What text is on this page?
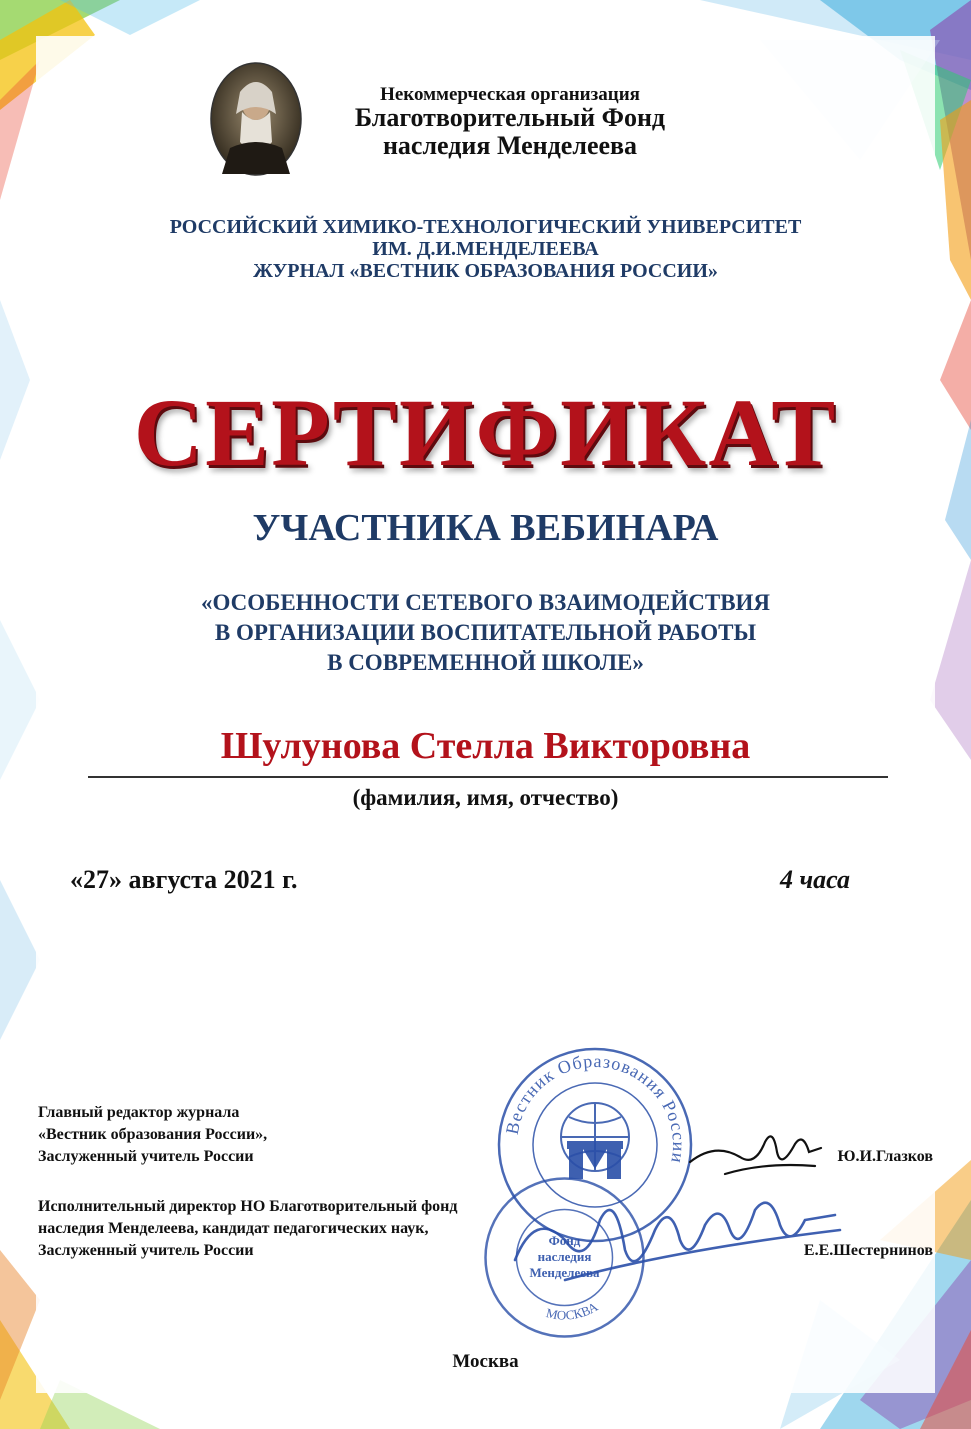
Некоммерческая организация
Благотворительный Фонд
наследия Менделеева
РОССИЙСКИЙ ХИМИКО-ТЕХНОЛОГИЧЕСКИЙ УНИВЕРСИТЕТ
ИМ. Д.И.МЕНДЕЛЕЕВА
ЖУРНАЛ «ВЕСТНИК ОБРАЗОВАНИЯ РОССИИ»
СЕРТИФИКАТ
УЧАСТНИКА ВЕБИНАРА
«ОСОБЕННОСТИ СЕТЕВОГО ВЗАИМОДЕЙСТВИЯ
В ОРГАНИЗАЦИИ ВОСПИТАТЕЛЬНОЙ РАБОТЫ
В СОВРЕМЕННОЙ ШКОЛЕ»
Шулунова Стелла Викторовна
(фамилия, имя, отчество)
«27» августа 2021 г.	4 часа
Вестник Образования России
МОСКВА
Фонд
наследия
Менделеева
Главный редактор журнала
«Вестник образования России»,
Заслуженный учитель России	Ю.И.Глазков
Исполнительный директор НО Благотворительный фонд
наследия Менделеева, кандидат педагогических наук,
Заслуженный учитель России	Е.Е.Шестернинов
Москва
